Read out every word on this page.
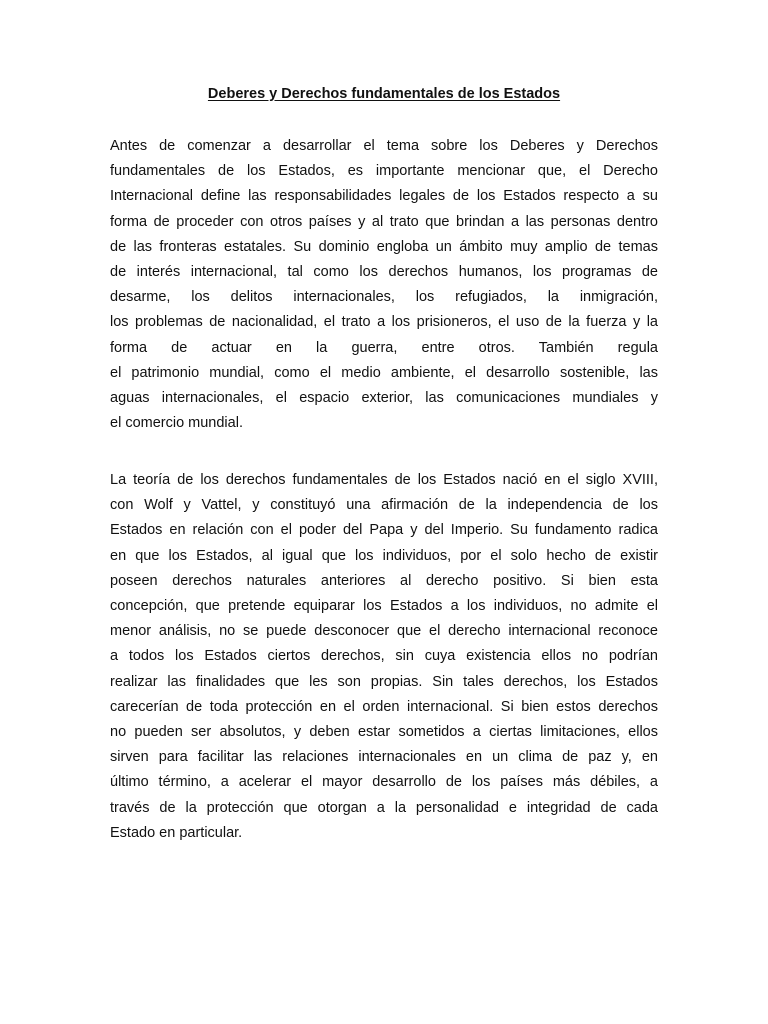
Deberes y Derechos fundamentales de los Estados

Antes de comenzar a desarrollar el tema sobre los Deberes y Derechos
fundamentales de los Estados, es importante mencionar que, el Derecho
Internacional define las responsabilidades legales de los Estados respecto a su
forma de proceder con otros países y al trato que brindan a las personas dentro
de las fronteras estatales. Su dominio engloba un ámbito muy amplio de temas
de interés internacional, tal como los derechos humanos, los programas de
desarme, los delitos internacionales, los refugiados, la inmigración,
los problemas de nacionalidad, el trato a los prisioneros, el uso de la fuerza y la
forma de actuar en la guerra, entre otros. También regula
el patrimonio mundial, como el medio ambiente, el desarrollo sostenible, las
aguas internacionales, el espacio exterior, las comunicaciones mundiales y
el comercio mundial.

La teoría de los derechos fundamentales de los Estados nació en el siglo XVIII,
con Wolf y Vattel, y constituyó una afirmación de la independencia de los
Estados en relación con el poder del Papa y del Imperio. Su fundamento radica
en que los Estados, al igual que los individuos, por el solo hecho de existir
poseen derechos naturales anteriores al derecho positivo. Si bien esta
concepción, que pretende equiparar los Estados a los individuos, no admite el
menor análisis, no se puede desconocer que el derecho internacional reconoce
a todos los Estados ciertos derechos, sin cuya existencia ellos no podrían
realizar las finalidades que les son propias. Sin tales derechos, los Estados
carecerían de toda protección en el orden internacional. Si bien estos derechos
no pueden ser absolutos, y deben estar sometidos a ciertas limitaciones, ellos
sirven para facilitar las relaciones internacionales en un clima de paz y, en
último término, a acelerar el mayor desarrollo de los países más débiles, a
través de la protección que otorgan a la personalidad e integridad de cada
Estado en particular.
